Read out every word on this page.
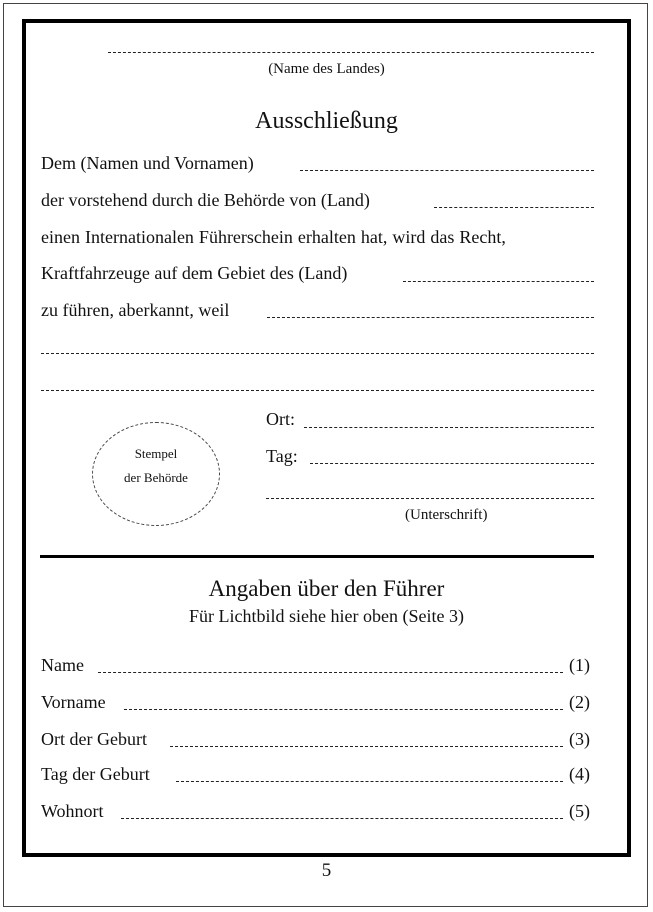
(Name des Landes)
Ausschließung
Dem (Namen und Vornamen)
der vorstehend durch die Behörde von (Land)
einen Internationalen Führerschein erhalten hat, wird das Recht,
Kraftfahrzeuge auf dem Gebiet des (Land)
zu führen, aberkannt, weil
Stempel
der Behörde
Ort:
Tag:
(Unterschrift)
Angaben über den Führer
Für Lichtbild siehe hier oben (Seite 3)
Name	(1)
Vorname	(2)
Ort der Geburt	(3)
Tag der Geburt	(4)
Wohnort	(5)
5
